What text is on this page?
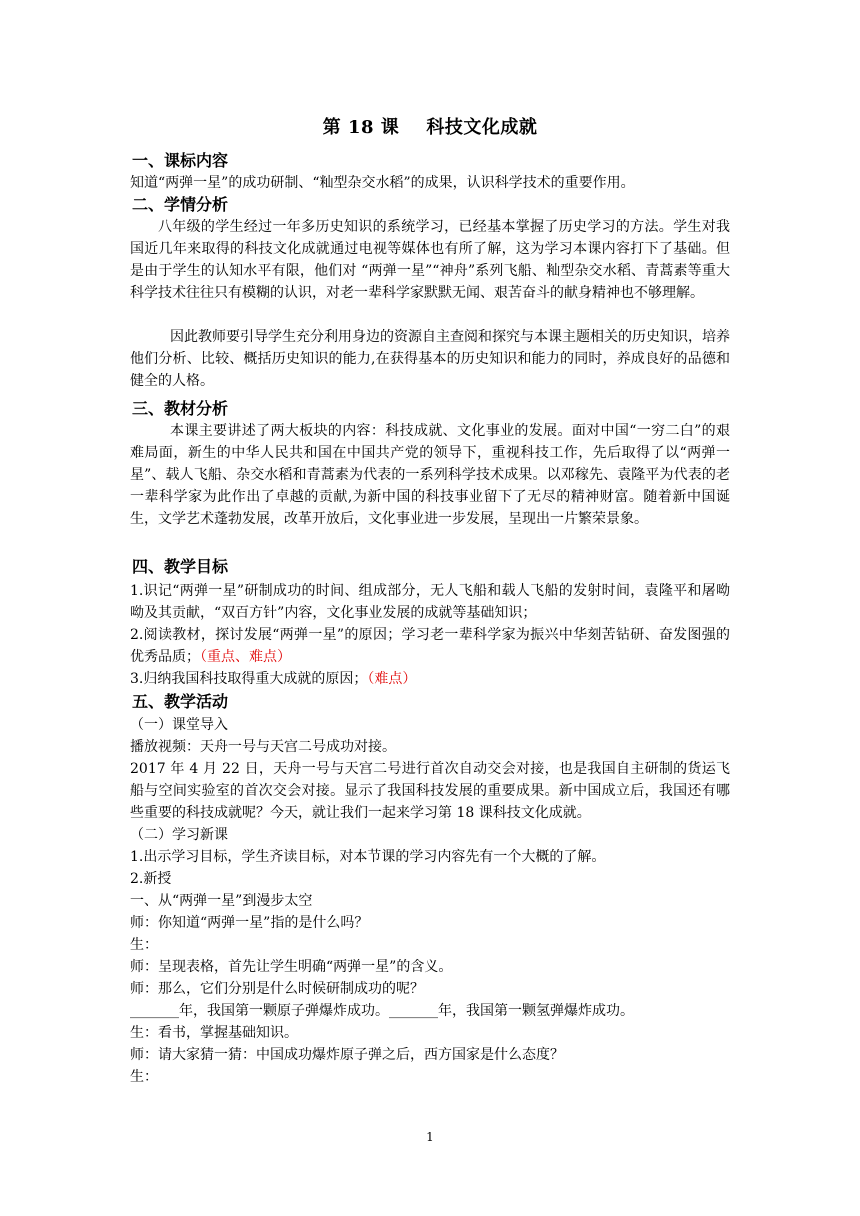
第 18 课    科技文化成就
一、课标内容
知道“两弹一星”的成功研制、“籼型杂交水稻”的成果，认识科学技术的重要作用。
二、学情分析
八年级的学生经过一年多历史知识的系统学习，已经基本掌握了历史学习的方法。学生对我国近几年来取得的科技文化成就通过电视等媒体也有所了解，这为学习本课内容打下了基础。但是由于学生的认知水平有限，他们对 “两弹一星”“神舟”系列飞船、籼型杂交水稻、青蒿素等重大科学技术往往只有模糊的认识，对老一辈科学家默默无闻、艰苦奋斗的献身精神也不够理解。
因此教师要引导学生充分利用身边的资源自主查阅和探究与本课主题相关的历史知识，培养他们分析、比较、概括历史知识的能力,在获得基本的历史知识和能力的同时，养成良好的品德和健全的人格。
三、教材分析
本课主要讲述了两大板块的内容：科技成就、文化事业的发展。面对中国“一穷二白”的艰难局面，新生的中华人民共和国在中国共产党的领导下，重视科技工作，先后取得了以“两弹一星”、载人飞船、杂交水稻和青蒿素为代表的一系列科学技术成果。以邓稼先、袁隆平为代表的老一辈科学家为此作出了卓越的贡献,为新中国的科技事业留下了无尽的精神财富。随着新中国诞生，文学艺术蓬勃发展，改革开放后，文化事业进一步发展，呈现出一片繁荣景象。
四、教学目标
1.识记“两弹一星”研制成功的时间、组成部分，无人飞船和载人飞船的发射时间，袁隆平和屠呦呦及其贡献，“双百方针”内容，文化事业发展的成就等基础知识；
2.阅读教材，探讨发展“两弹一星”的原因；学习老一辈科学家为振兴中华刻苦钻研、奋发图强的优秀品质；（重点、难点）
3.归纳我国科技取得重大成就的原因；（难点）
五、教学活动
（一）课堂导入
播放视频：天舟一号与天宫二号成功对接。
2017 年 4 月 22 日，天舟一号与天宫二号进行首次自动交会对接，也是我国自主研制的货运飞船与空间实验室的首次交会对接。显示了我国科技发展的重要成果。新中国成立后，我国还有哪些重要的科技成就呢？今天，就让我们一起来学习第 18 课科技文化成就。
（二）学习新课
1.出示学习目标，学生齐读目标，对本节课的学习内容先有一个大概的了解。
2.新授
一、从“两弹一星”到漫步太空
师：你知道“两弹一星”指的是什么吗？
生：
师：呈现表格，首先让学生明确“两弹一星”的含义。
师：那么，它们分别是什么时候研制成功的呢？
_______年，我国第一颗原子弹爆炸成功。_______年，我国第一颗氢弹爆炸成功。
生：看书，掌握基础知识。
师：请大家猜一猜：中国成功爆炸原子弹之后，西方国家是什么态度？
生：
1
